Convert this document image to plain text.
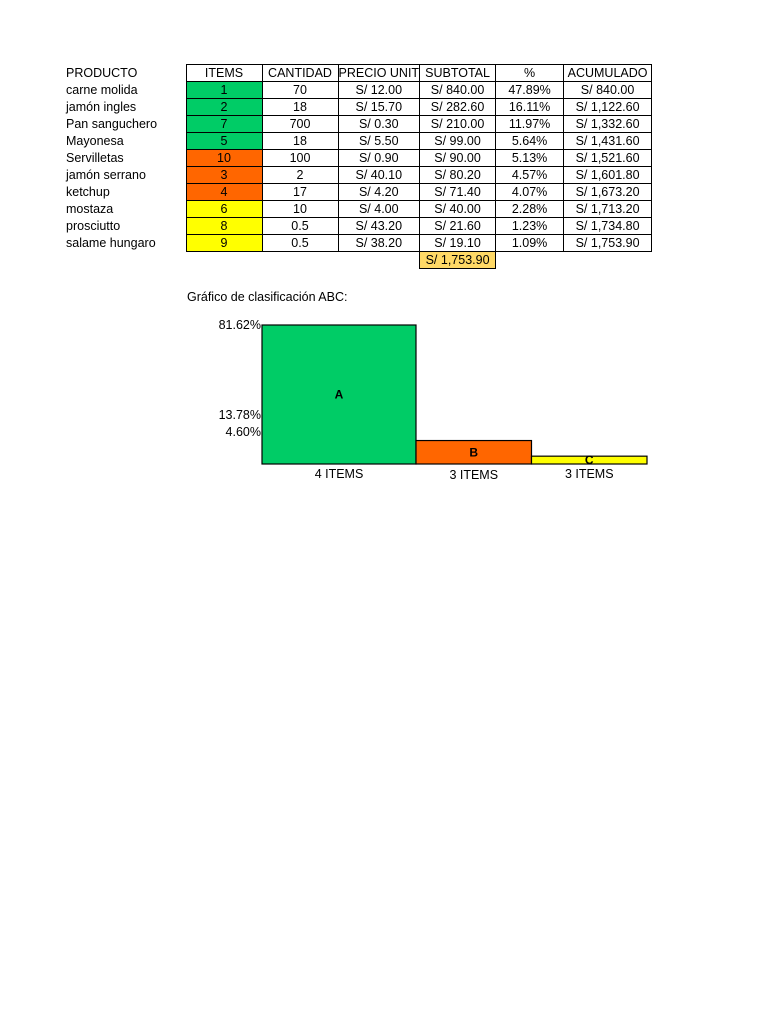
PRODUCTO	ITEMS	CANTIDAD	PRECIO UNIT	SUBTOTAL	%	ACUMULADO
carne molida	1	70	S/ 12.00	S/ 840.00	47.89%	S/ 840.00
jamón ingles	2	18	S/ 15.70	S/ 282.60	16.11%	S/ 1,122.60
Pan sanguchero	7	700	S/ 0.30	S/ 210.00	11.97%	S/ 1,332.60
Mayonesa	5	18	S/ 5.50	S/ 99.00	5.64%	S/ 1,431.60
Servilletas	10	100	S/ 0.90	S/ 90.00	5.13%	S/ 1,521.60
jamón serrano	3	2	S/ 40.10	S/ 80.20	4.57%	S/ 1,601.80
ketchup	4	17	S/ 4.20	S/ 71.40	4.07%	S/ 1,673.20
mostaza	6	10	S/ 4.00	S/ 40.00	2.28%	S/ 1,713.20
prosciutto	8	0.5	S/ 43.20	S/ 21.60	1.23%	S/ 1,734.80
salame hungaro	9	0.5	S/ 38.20	S/ 19.10	1.09%	S/ 1,753.90
				S/ 1,753.90		
Gráfico de clasificación ABC:
A
4 ITEMS
B
3 ITEMS
C
3 ITEMS
81.62%
13.78%
4.60%
